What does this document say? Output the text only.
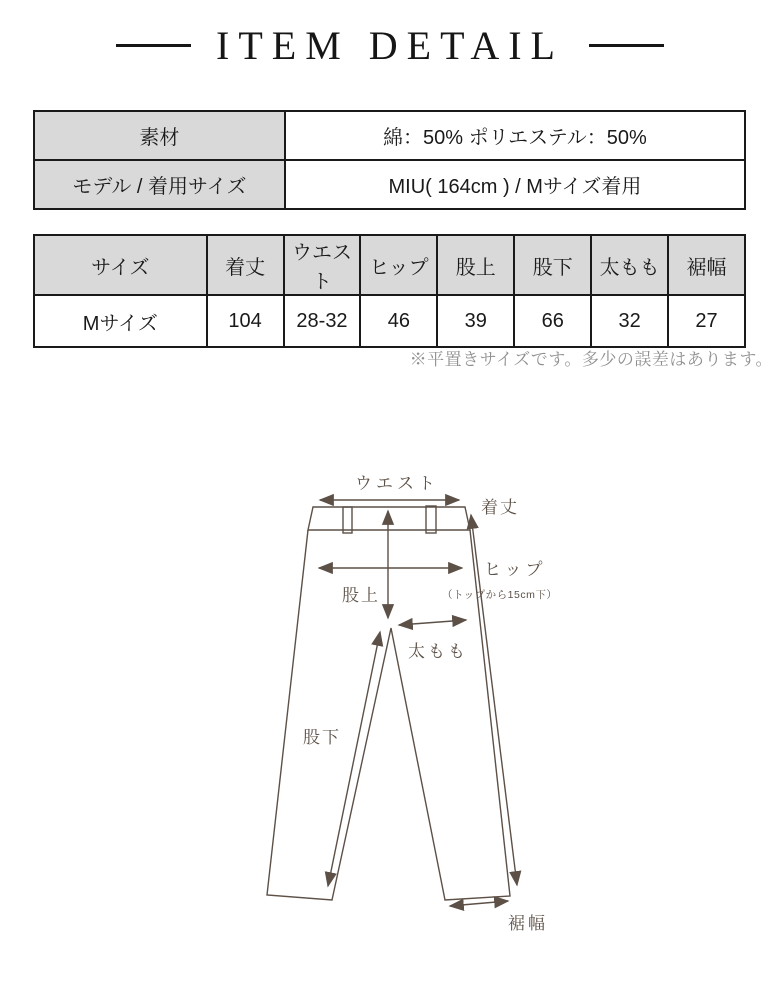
ITEM DETAIL
素材	綿：50% ポリエステル：50%
モデル / 着用サイズ	MIU( 164cm ) / Mサイズ着用
サイズ	着丈	ウエスト	ヒップ	股上	股下	太もも	裾幅
Mサイズ	104	28-32	46	39	66	32	27

※平置きサイズです。多少の誤差はあります。

ウエスト
着丈
ヒップ
（トップから15cm下）
股上
太もも
股下
裾幅
